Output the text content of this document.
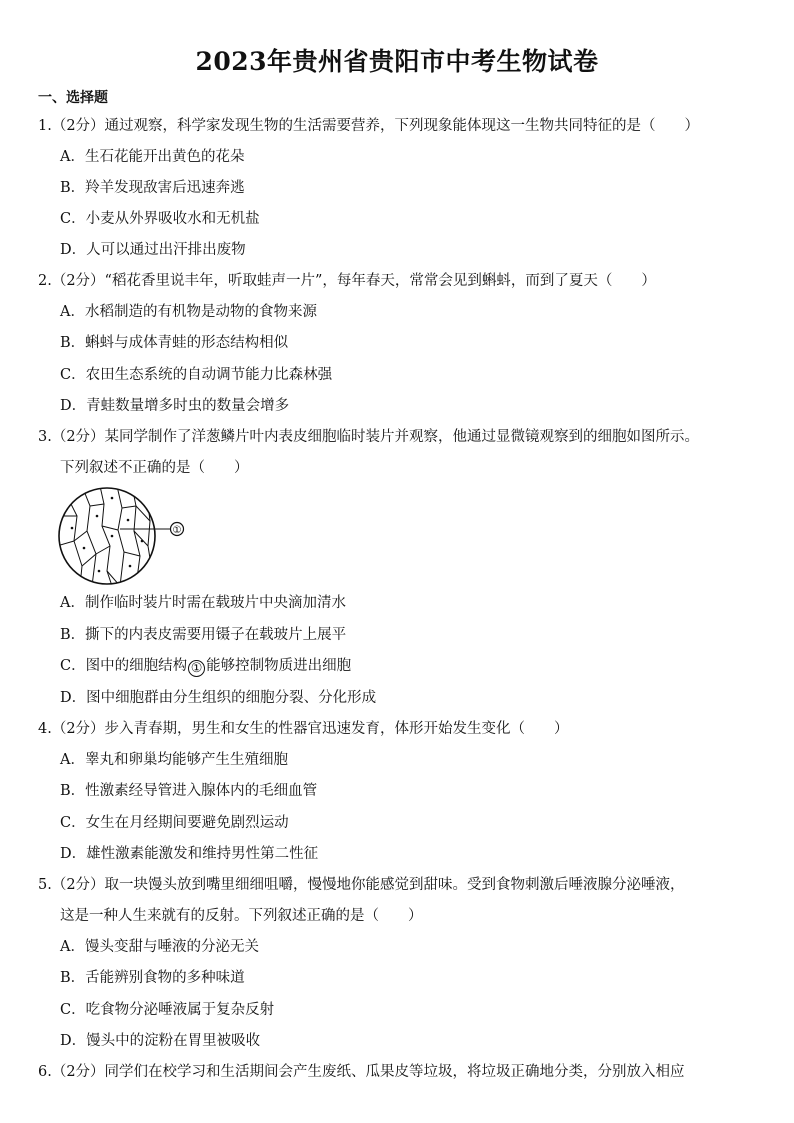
2023年贵州省贵阳市中考生物试卷
一、选择题
1.（2分）通过观察，科学家发现生物的生活需要营养，下列现象能体现这一生物共同特征的是（　　）
A．生石花能开出黄色的花朵
B．羚羊发现敌害后迅速奔逃
C．小麦从外界吸收水和无机盐
D．人可以通过出汗排出废物
2.（2分）“稻花香里说丰年，听取蛙声一片”，每年春天，常常会见到蝌蚪，而到了夏天（　　）
A．水稻制造的有机物是动物的食物来源
B．蝌蚪与成体青蛙的形态结构相似
C．农田生态系统的自动调节能力比森林强
D．青蛙数量增多时虫的数量会增多
3.（2分）某同学制作了洋葱鳞片叶内表皮细胞临时装片并观察，他通过显微镜观察到的细胞如图所示。
下列叙述不正确的是（　　）
①
A．制作临时装片时需在载玻片中央滴加清水
B．撕下的内表皮需要用镊子在载玻片上展平
C．图中的细胞结构 ① 能够控制物质进出细胞
D．图中细胞群由分生组织的细胞分裂、分化形成
4.（2分）步入青春期，男生和女生的性器官迅速发育，体形开始发生变化（　　）
A．睾丸和卵巢均能够产生生殖细胞
B．性激素经导管进入腺体内的毛细血管
C．女生在月经期间要避免剧烈运动
D．雄性激素能激发和维持男性第二性征
5.（2分）取一块馒头放到嘴里细细咀嚼，慢慢地你能感觉到甜味。受到食物刺激后唾液腺分泌唾液，
这是一种人生来就有的反射。下列叙述正确的是（　　）
A．馒头变甜与唾液的分泌无关
B．舌能辨别食物的多种味道
C．吃食物分泌唾液属于复杂反射
D．馒头中的淀粉在胃里被吸收
6.（2分）同学们在校学习和生活期间会产生废纸、瓜果皮等垃圾，将垃圾正确地分类，分别放入相应
